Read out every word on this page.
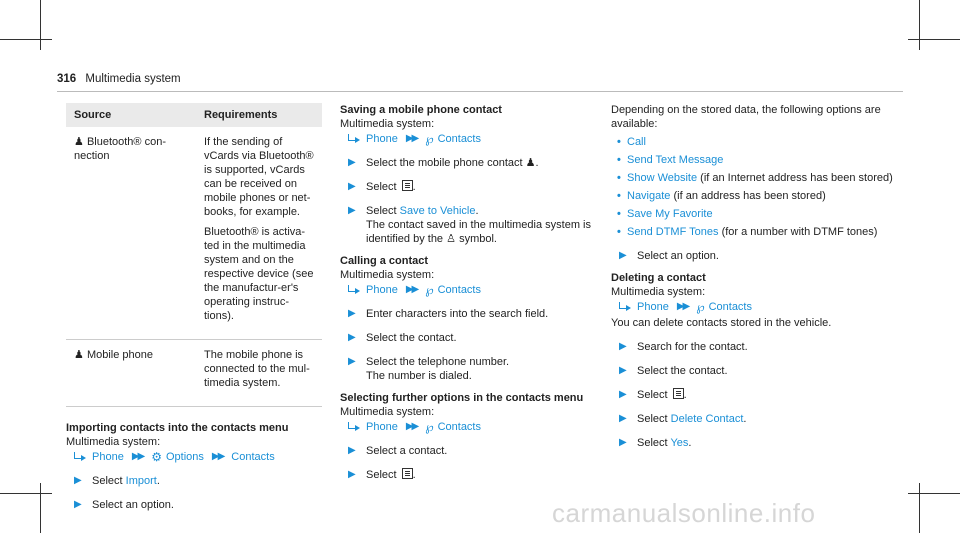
316 Multimedia system
Source	Requirements
♟ Bluetooth® con-nection	If the sending of vCards via Bluetooth® is supported, vCards can be received on mobile phones or net-books, for example.

Bluetooth® is activa-ted in the multimedia system and on the respective device (see the manufactur-er's operating instruc-tions).

♟ Mobile phone	The mobile phone is connected to the mul-timedia system.

Importing contacts into the contacts menu
Multimedia system:
Phone ▶▶ ⚙ Options ▶▶ Contacts
▶ Select Import.
▶ Select an option.
Saving a mobile phone contact
Multimedia system:
Phone ▶▶ ℘ Contacts
▶ Select the mobile phone contact ♟.
▶ Select .
▶ Select Save to Vehicle.
The contact saved in the multimedia system is identified by the ♙ symbol.
Calling a contact
Multimedia system:
Phone ▶▶ ℘ Contacts
▶ Enter characters into the search field.
▶ Select the contact.
▶ Select the telephone number.
The number is dialed.
Selecting further options in the contacts menu
Multimedia system:
Phone ▶▶ ℘ Contacts
▶ Select a contact.
▶ Select .
Depending on the stored data, the following options are available:
• Call
• Send Text Message
• Show Website (if an Internet address has been stored)
• Navigate (if an address has been stored)
• Save My Favorite
• Send DTMF Tones (for a number with DTMF tones)
▶ Select an option.
Deleting a contact
Multimedia system:
Phone ▶▶ ℘ Contacts
You can delete contacts stored in the vehicle.
▶ Search for the contact.
▶ Select the contact.
▶ Select .
▶ Select Delete Contact.
▶ Select Yes.
carmanualsonline.info
